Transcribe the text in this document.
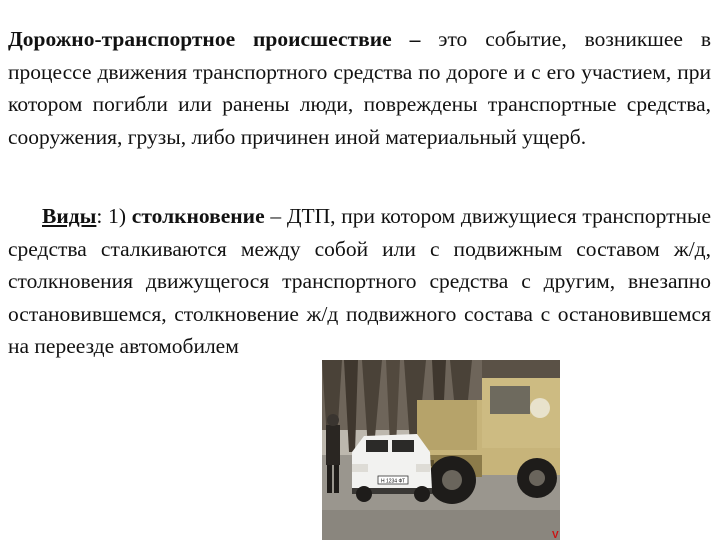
Дорожно-транспортное происшествие – это событие, возникшее в процессе движения транспортного средства по дороге и с его участием, при котором погибли или ранены люди, повреждены транспортные средства, сооружения, грузы, либо причинен иной материальный ущерб.
Виды: 1) столкновение – ДТП, при котором движущиеся транспортные средства сталкиваются между собой или с подвижным составом ж/д, столкновения движущегося транспортного средства с другим, внезапно остановившемся, столкновение ж/д подвижного состава с остановившемся на переезде автомобилем
Н 1234 ФТ
V
